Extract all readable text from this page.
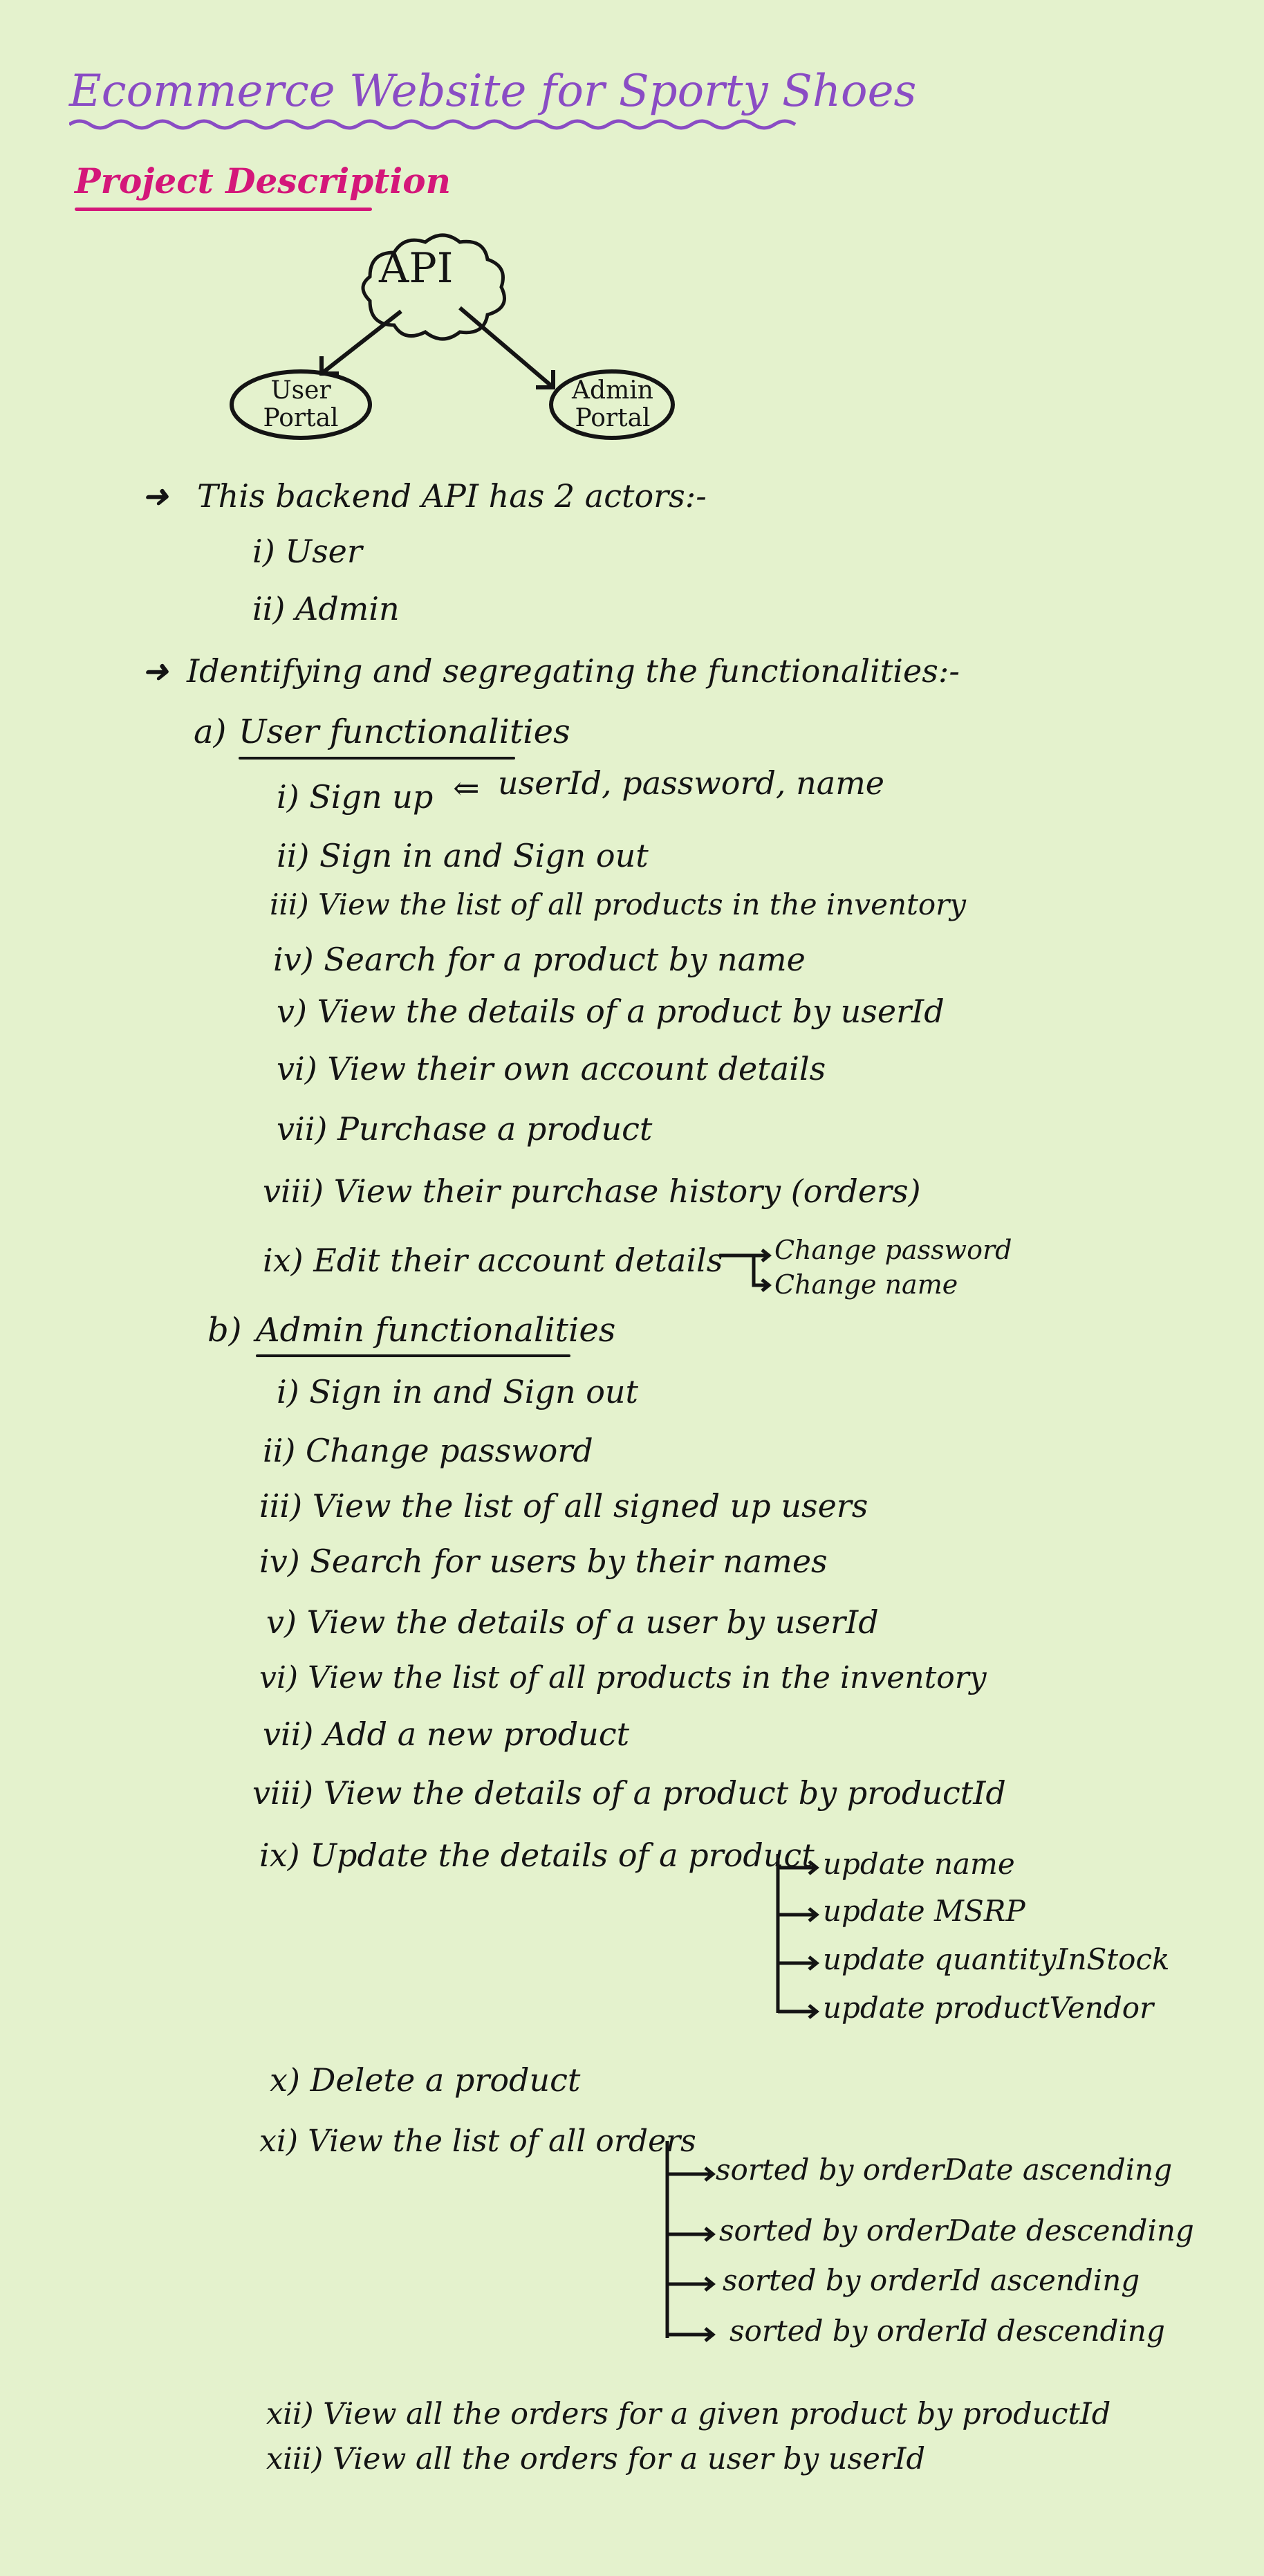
Ecommerce Website for Sporty Shoes
Project Description
API
User
Portal
Admin
Portal
➜ This backend API has 2 actors:-
i) User
ii) Admin
➜ Identifying and segregating the functionalities:-
a) User functionalities
i) Sign up ⇐ userId, password, name
ii) Sign in and Sign out
iii) View the list of all products in the inventory
iv) Search for a product by name
v) View the details of a product by userId
vi) View their own account details
vii) Purchase a product
viii) View their purchase history (orders)
ix) Edit their account details Change password
Change name
b) Admin functionalities
i) Sign in and Sign out
ii) Change password
iii) View the list of all signed up users
iv) Search for users by their names
v) View the details of a user by userId
vi) View the list of all products in the inventory
vii) Add a new product
viii) View the details of a product by productId
ix) Update the details of a product update name
update MSRP
update quantityInStock
update productVendor
x) Delete a product
xi) View the list of all orders
sorted by orderDate ascending
sorted by orderDate descending
sorted by orderId ascending
sorted by orderId descending
xii) View all the orders for a given product by productId
xiii) View all the orders for a user by userId
